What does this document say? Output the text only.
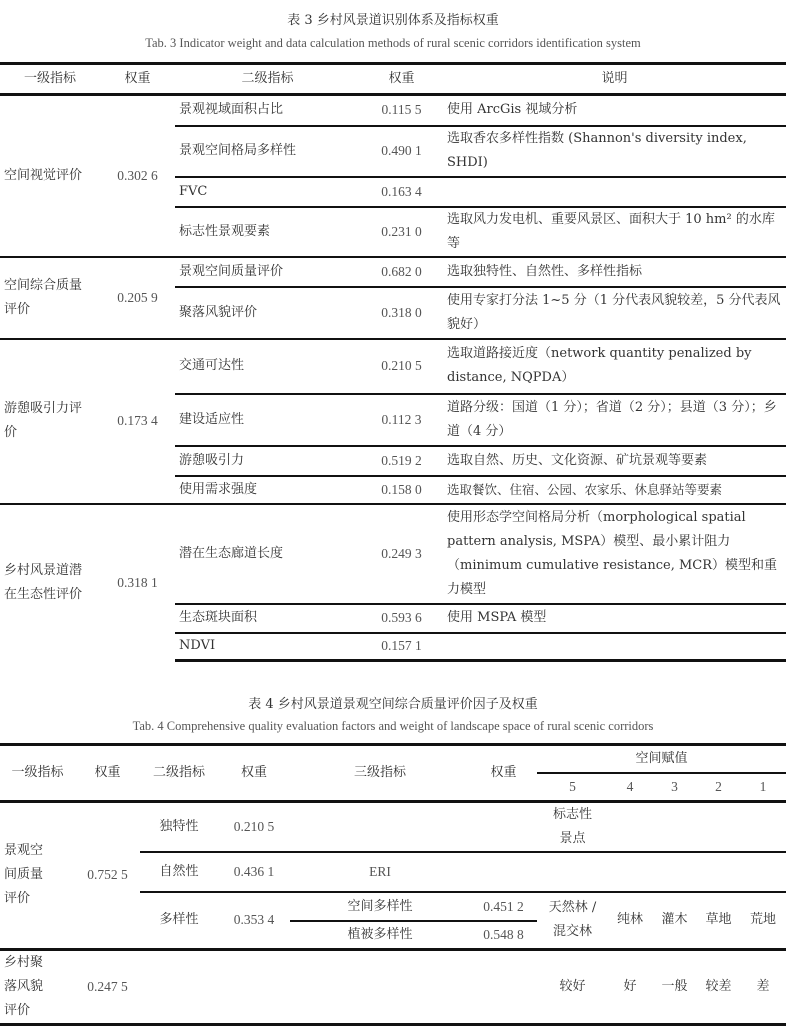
表 3 乡村风景道识别体系及指标权重
Tab. 3 Indicator weight and data calculation methods of rural scenic corridors identification system
一级指标	权重	二级指标	权重	说明
空间视觉评价	0.302 6	景观视域面积占比	0.115 5	使用 ArcGis 视域分析
		景观空间格局多样性	0.490 1	选取香农多样性指数 (Shannon's diversity index, SHDI)
		FVC	0.163 4	
		标志性景观要素	0.231 0	选取风力发电机、重要风景区、面积大于 10 hm² 的水库等
空间综合质量评价	0.205 9	景观空间质量评价	0.682 0	选取独特性、自然性、多样性指标
		聚落风貌评价	0.318 0	使用专家打分法 1~5 分（1 分代表风貌较差，5 分代表风貌好）
游憩吸引力评价	0.173 4	交通可达性	0.210 5	选取道路接近度（network quantity penalized by distance, NQPDA）
		建设适应性	0.112 3	道路分级：国道（1 分）；省道（2 分）；县道（3 分）；乡道（4 分）
		游憩吸引力	0.519 2	选取自然、历史、文化资源、矿坑景观等要素
		使用需求强度	0.158 0	选取餐饮、住宿、公园、农家乐、休息驿站等要素
乡村风景道潜在生态性评价	0.318 1	潜在生态廊道长度	0.249 3	使用形态学空间格局分析（morphological spatial pattern analysis, MSPA）模型、最小累计阻力（minimum cumulative resistance, MCR）模型和重力模型
		生态斑块面积	0.593 6	使用 MSPA 模型
		NDVI	0.157 1	
表 4 乡村风景道景观空间综合质量评价因子及权重
Tab. 4 Comprehensive quality evaluation factors and weight of landscape space of rural scenic corridors
一级指标	权重	二级指标	权重	三级指标	权重	空间赋值				
						5	4	3	2	1
景观空间质量评价	0.752 5	独特性	0.210 5			标志性景点				
		自然性	0.436 1	ERI						
		多样性	0.353 4	空间多样性	0.451 2	天然林 / 混交林	纯林	灌木	草地	荒地
				植被多样性	0.548 8					
乡村聚落风貌评价	0.247 5					较好	好	一般	较差	差
